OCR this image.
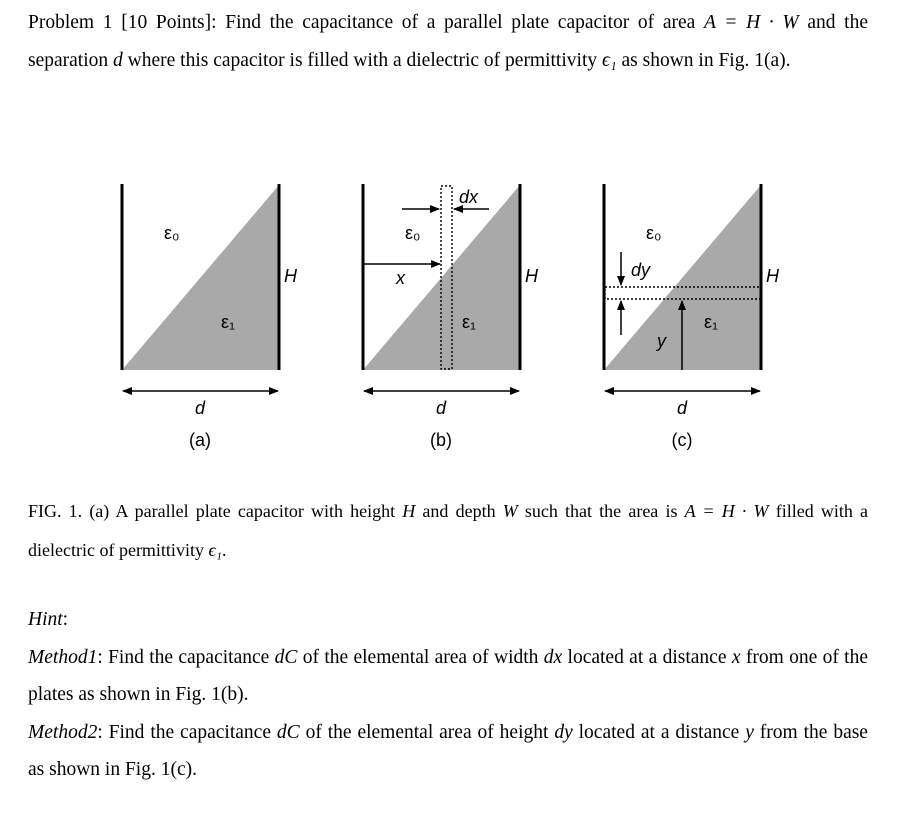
Problem 1 [10 Points]: Find the capacitance of a parallel plate capacitor of area A = H · W and the separation d where this capacitor is filled with a dielectric of permittivity ϵ₁ as shown in Fig. 1(a).
ε₀
ε₁
H
d
(a)
dx
ε₀
x
ε₁
H
d
(b)
ε₀
dy
y
ε₁
H
d
(c)
FIG. 1. (a) A parallel plate capacitor with height H and depth W such that the area is A = H · W filled with a dielectric of permittivity ϵ₁.
Hint:
Method1: Find the capacitance dC of the elemental area of width dx located at a distance x from one of the plates as shown in Fig. 1(b).
Method2: Find the capacitance dC of the elemental area of height dy located at a distance y from the base as shown in Fig. 1(c).
